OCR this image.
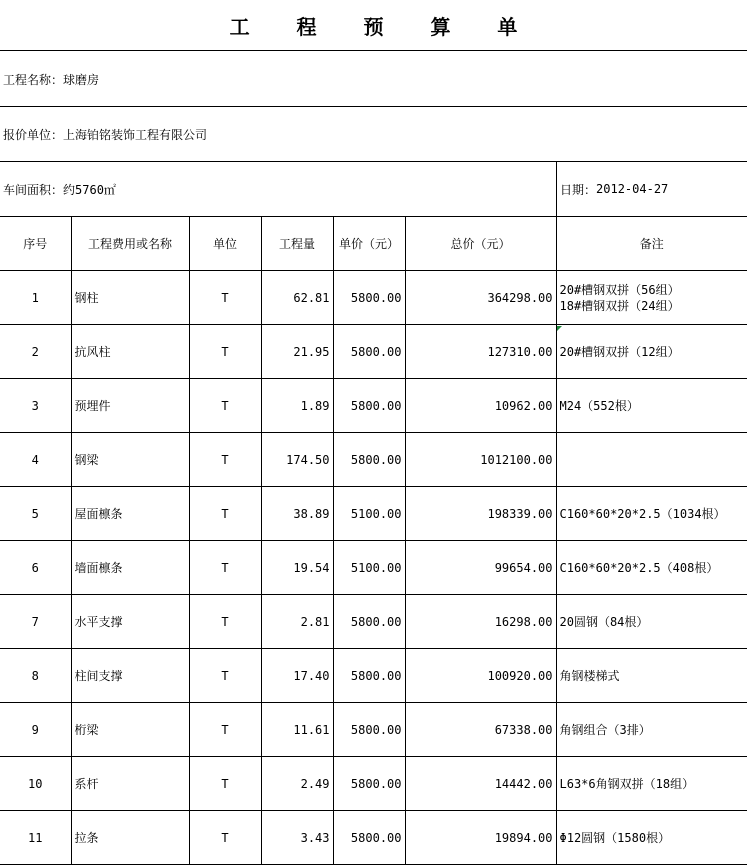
工 程 预 算 单
工程名称： 球磨房
报价单位： 上海铂铭装饰工程有限公司
车间面积： 约5760㎡	日期： 2012-04-27
序号	工程费用或名称	单位	工程量	单价（元）	总价（元）	备注
1	钢柱	T	62.81	5800.00	364298.00	20#槽钢双拼（56组）
18#槽钢双拼（24组）

2	抗风柱	T	21.95	5800.00	127310.00	20#槽钢双拼（12组）

3	预埋件	T	1.89	5800.00	10962.00	M24（552根）

4	钢梁	T	174.50	5800.00	1012100.00	
5	屋面檩条	T	38.89	5100.00	198339.00	C160*60*20*2.5（1034根）

6	墙面檩条	T	19.54	5100.00	99654.00	C160*60*20*2.5（408根）

7	水平支撑	T	2.81	5800.00	16298.00	20圆钢（84根）

8	柱间支撑	T	17.40	5800.00	100920.00	角钢楼梯式

9	桁梁	T	11.61	5800.00	67338.00	角钢组合（3排）

10	系杆	T	2.49	5800.00	14442.00	L63*6角钢双拼（18组）

11	拉条	T	3.43	5800.00	19894.00	Φ12圆钢（1580根）
